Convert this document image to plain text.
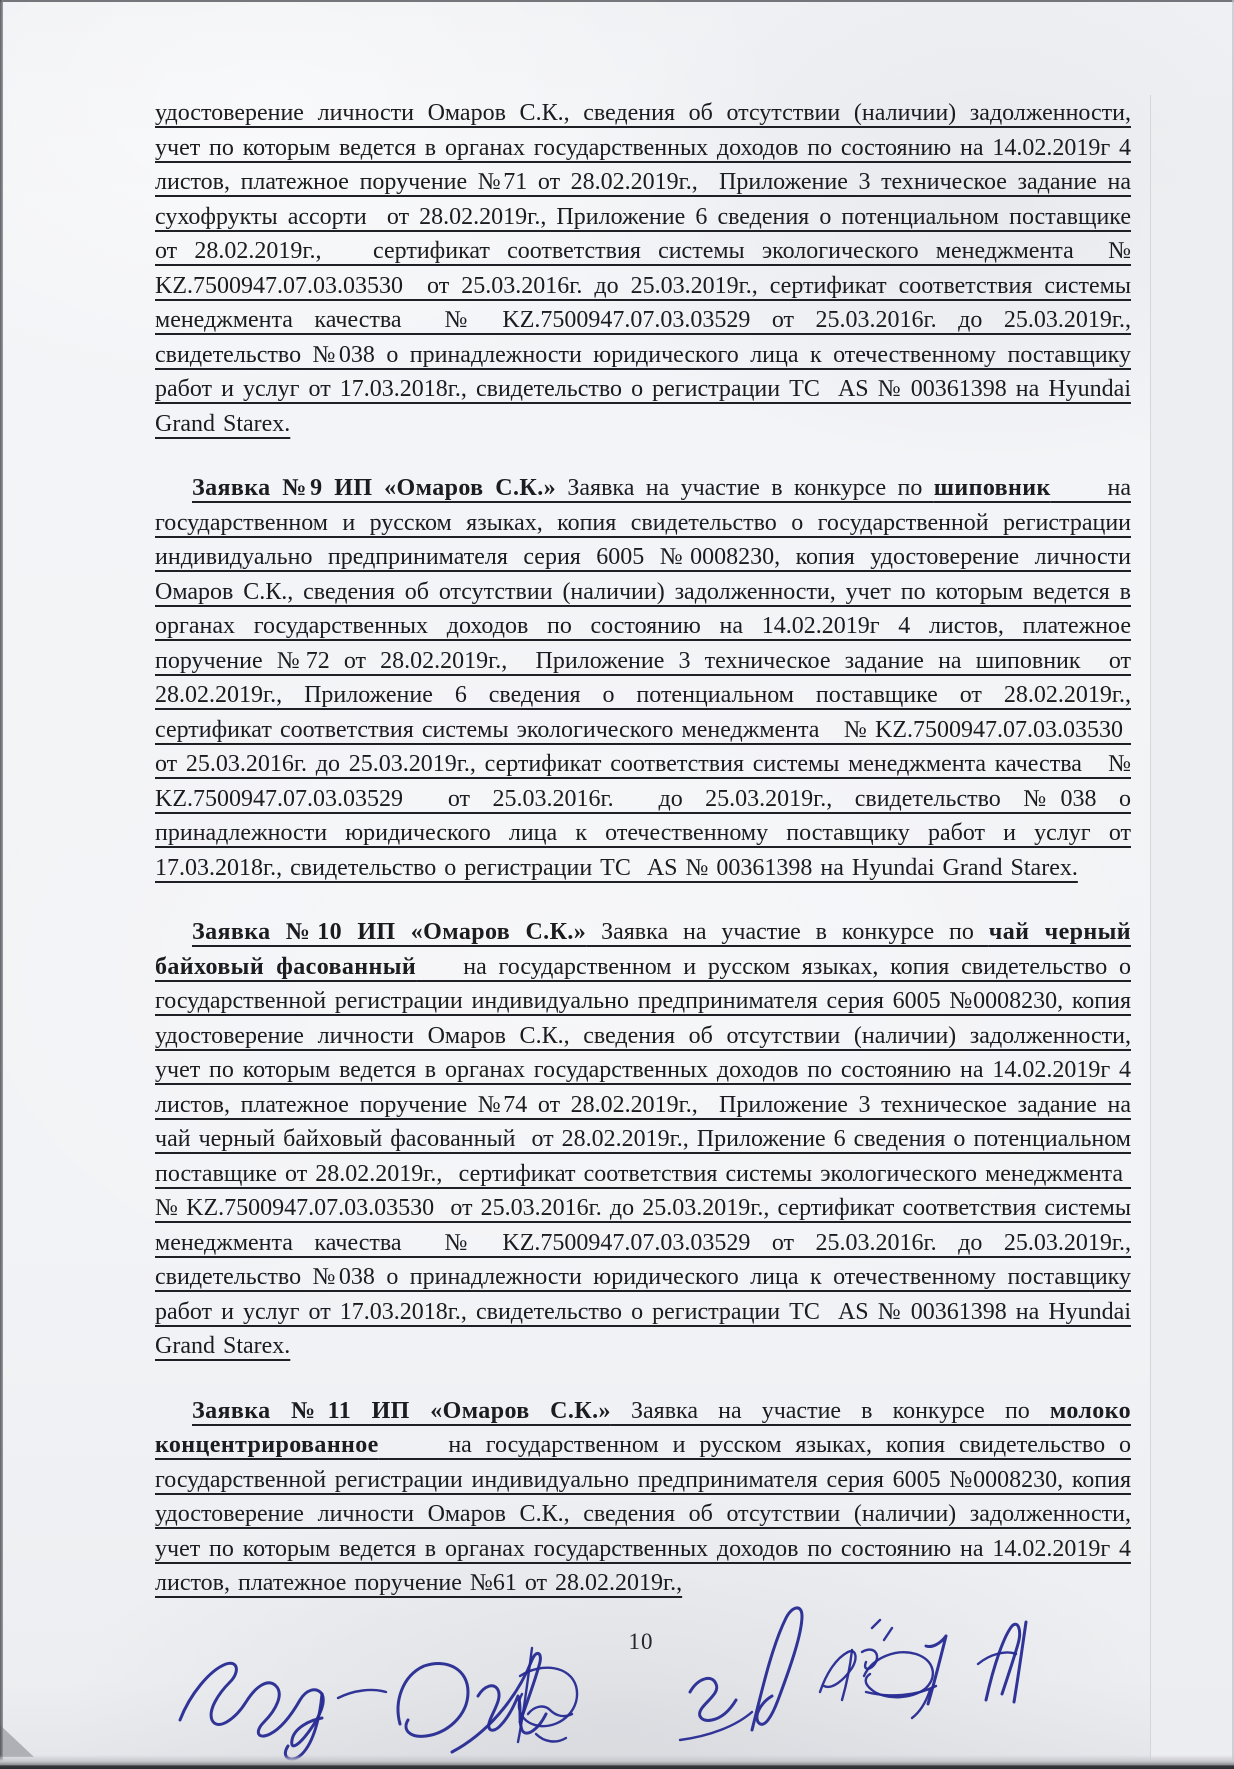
удостоверение личности Омаров С.К., сведения об отсутствии (наличии) задолженности, учет по которым ведется в органах государственных доходов по состоянию на 14.02.2019г 4 листов, платежное поручение №71 от 28.02.2019г.,  Приложение 3 техническое задание на сухофрукты ассорти  от 28.02.2019г., Приложение 6 сведения о потенциальном поставщике от 28.02.2019г.,   сертификат соответствия системы экологического менеджмента  № KZ.7500947.07.03.03530  от 25.03.2016г. до 25.03.2019г., сертификат соответствия системы менеджмента качества  № KZ.7500947.07.03.03529 от 25.03.2016г. до 25.03.2019г., свидетельство №038 о принадлежности юридического лица к отечественному поставщику работ и услуг от 17.03.2018г., свидетельство о регистрации ТС  AS № 00361398 на Hyundai Grand Starex.

Заявка №9 ИП «Омаров С.К.» Заявка на участие в конкурсе по шиповник     на государственном и русском языках, копия свидетельство о государственной регистрации индивидуально предпринимателя серия 6005 №0008230, копия удостоверение личности Омаров С.К., сведения об отсутствии (наличии) задолженности, учет по которым ведется в органах государственных доходов по состоянию на 14.02.2019г 4 листов, платежное поручение №72 от 28.02.2019г.,  Приложение 3 техническое задание на шиповник  от 28.02.2019г., Приложение 6 сведения о потенциальном поставщике от 28.02.2019г., сертификат соответствия системы экологического менеджмента   № KZ.7500947.07.03.03530  от 25.03.2016г. до 25.03.2019г., сертификат соответствия системы менеджмента качества   № KZ.7500947.07.03.03529  от 25.03.2016г.  до 25.03.2019г., свидетельство №038 о принадлежности юридического лица к отечественному поставщику работ и услуг от 17.03.2018г., свидетельство о регистрации ТС  AS № 00361398 на Hyundai Grand Starex.

Заявка №10 ИП «Омаров С.К.» Заявка на участие в конкурсе по чай черный байховый фасованный    на государственном и русском языках, копия свидетельство о государственной регистрации индивидуально предпринимателя серия 6005 №0008230, копия удостоверение личности Омаров С.К., сведения об отсутствии (наличии) задолженности, учет по которым ведется в органах государственных доходов по состоянию на 14.02.2019г 4 листов, платежное поручение №74 от 28.02.2019г.,  Приложение 3 техническое задание на чай черный байховый фасованный  от 28.02.2019г., Приложение 6 сведения о потенциальном поставщике от 28.02.2019г.,  сертификат соответствия системы экологического менеджмента  № KZ.7500947.07.03.03530  от 25.03.2016г. до 25.03.2019г., сертификат соответствия системы менеджмента качества  № KZ.7500947.07.03.03529 от 25.03.2016г. до 25.03.2019г., свидетельство №038 о принадлежности юридического лица к отечественному поставщику работ и услуг от 17.03.2018г., свидетельство о регистрации ТС  AS № 00361398 на Hyundai Grand Starex.

Заявка №11 ИП «Омаров С.К.» Заявка на участие в конкурсе по молоко концентрированное     на государственном и русском языках, копия свидетельство о государственной регистрации индивидуально предпринимателя серия 6005 №0008230, копия удостоверение личности Омаров С.К., сведения об отсутствии (наличии) задолженности, учет по которым ведется в органах государственных доходов по состоянию на 14.02.2019г 4 листов, платежное поручение №61 от 28.02.2019г.,

10
